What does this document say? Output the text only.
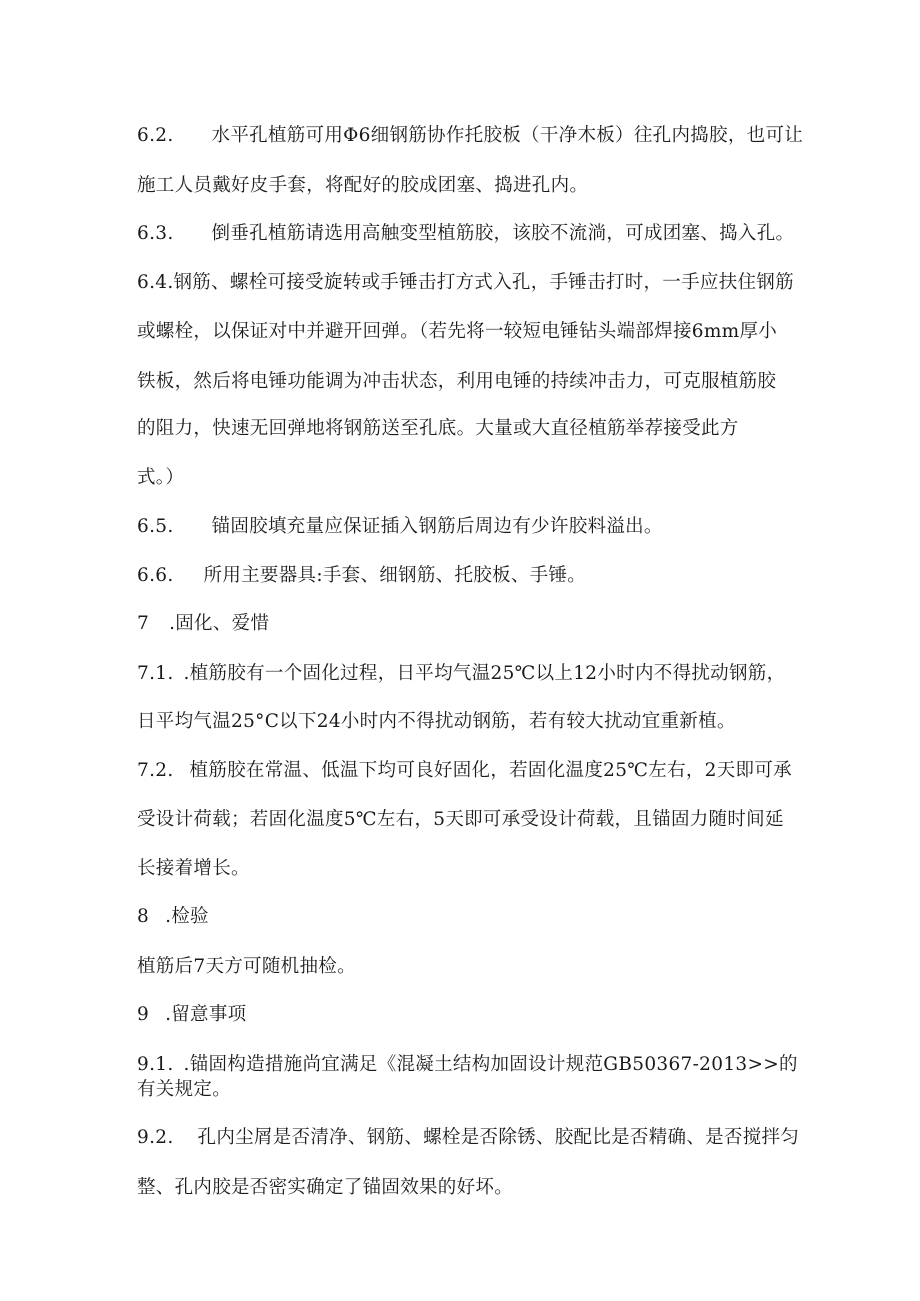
6.2. 水平孔植筋可用Φ6细钢筋协作托胶板（干净木板）往孔内捣胶，也可让
施工人员戴好皮手套，将配好的胶成团塞、捣进孔内。
6.3. 倒垂孔植筋请选用高触变型植筋胶，该胶不流淌，可成团塞、捣入孔。
6.4.钢筋、螺栓可接受旋转或手锤击打方式入孔，手锤击打时，一手应扶住钢筋
或螺栓，以保证对中并避开回弹。（若先将一较短电锤钻头端部焊接6mm厚小
铁板，然后将电锤功能调为冲击状态，利用电锤的持续冲击力，可克服植筋胶
的阻力，快速无回弹地将钢筋送至孔底。大量或大直径植筋举荐接受此方
式。）
6.5. 锚固胶填充量应保证插入钢筋后周边有少许胶料溢出。
6.6. 所用主要器具:手套、细钢筋、托胶板、手锤。
7 .固化、爱惜
7.1. .植筋胶有一个固化过程，日平均气温25℃以上12小时内不得扰动钢筋，
日平均气温25°C以下24小时内不得扰动钢筋，若有较大扰动宜重新植。
7.2. 植筋胶在常温、低温下均可良好固化，若固化温度25℃左右，2天即可承
受设计荷载；若固化温度5℃左右，5天即可承受设计荷载，且锚固力随时间延
长接着增长。
8 .检验
植筋后7天方可随机抽检。
9 .留意事项
9.1. .锚固构造措施尚宜满足《混凝土结构加固设计规范GB50367-2013>>的
有关规定。
9.2. 孔内尘屑是否清净、钢筋、螺栓是否除锈、胶配比是否精确、是否搅拌匀
整、孔内胶是否密实确定了锚固效果的好坏。
